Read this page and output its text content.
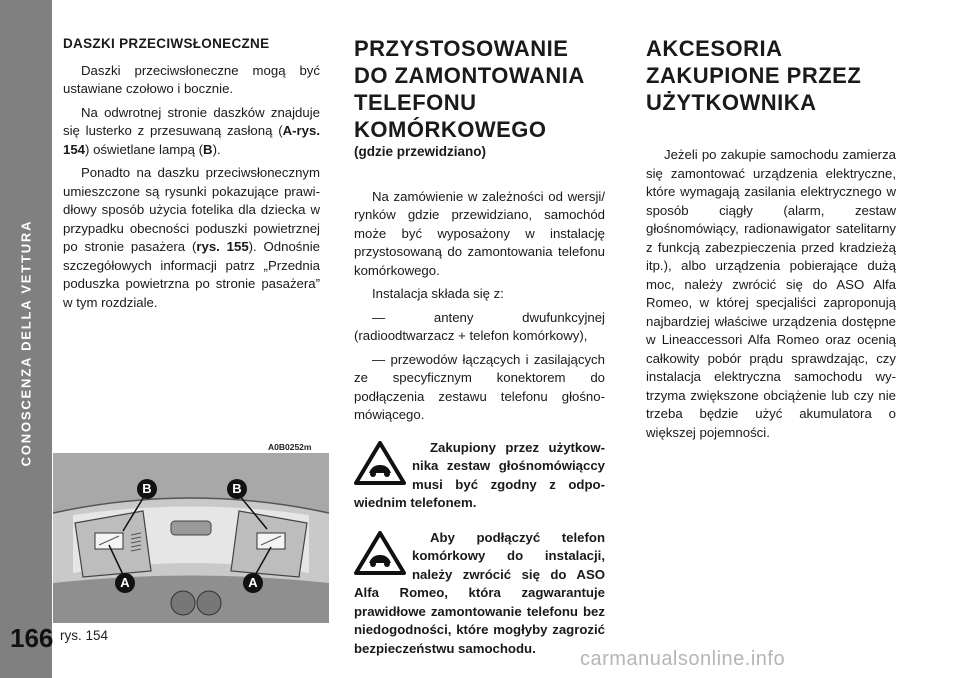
CONOSCENZA DELLA VETTURA
166
DASZKI PRZECIWSŁONECZNE

Daszki przeciwsłoneczne mogą być ustawiane czołowo i bocznie.

Na odwrotnej stronie daszków znajduje się lusterko z przesuwaną zasłoną (A-rys. 154) oświetlane lampą (B).

Ponadto na daszku przeciwsłonecznym umieszczone są rysunki pokazujące prawidłowy sposób użycia fotelika dla dziecka w przypadku obecności poduszki powietrznej po stronie pasażera (rys. 155). Odnośnie szczegółowych informacji patrz „Przednia poduszka powietrzna po stronie pasażera” w tym rozdziale.

A0B0252m
B	B
A	A
rys. 154
PRZYSTOSOWANIE
DO ZAMONTOWANIA
TELEFONU
KOMÓRKOWEGO
(gdzie przewidziano)

Na zamówienie w zależności od wersji/ rynków gdzie przewidziano, samochód może być wyposażony w instalację przystosowaną do zamontowania telefonu komórkowego.

Instalacja składa się z:

— anteny dwufunkcyjnej (radioodtwarzacz + telefon komórkowy),

— przewodów łączących i zasilających ze specyficznym konektorem do podłączenia zestawu telefonu głośno-mówiącego.

Zakupiony przez użytkownika zestaw głośnomówiąccy musi być zgodny z odpowiednim telefonem.

Aby podłączyć telefon komórkowy do instalacji, należy zwrócić się do ASO Alfa Romeo, która zagwarantuje prawidłowe zamontowanie telefonu bez niedogodności, które mogłyby zagrozić bezpieczeństwu samochodu.

AKCESORIA
ZAKUPIONE PRZEZ
UŻYTKOWNIKA

Jeżeli po zakupie samochodu zamierza się zamontować urządzenia elektryczne, które wymagają zasilania elektrycznego w sposób ciągły (alarm, zestaw głośnomówiący, radionawigator satelitarny z funkcją zabezpieczenia przed kradzieżą itp.), albo urządzenia pobierające dużą moc, należy zwrócić się do ASO Alfa Romeo, w której specjaliści zaproponują najbardziej właściwe urządzenia dostępne w Lineaccessori Alfa Romeo oraz ocenią całkowity pobór prądu sprawdzając, czy instalacja elektryczna samochodu wytrzyma zwiększone obciążenie lub czy nie trzeba będzie użyć akumulatora o większej pojemności.

carmanualsonline.info
